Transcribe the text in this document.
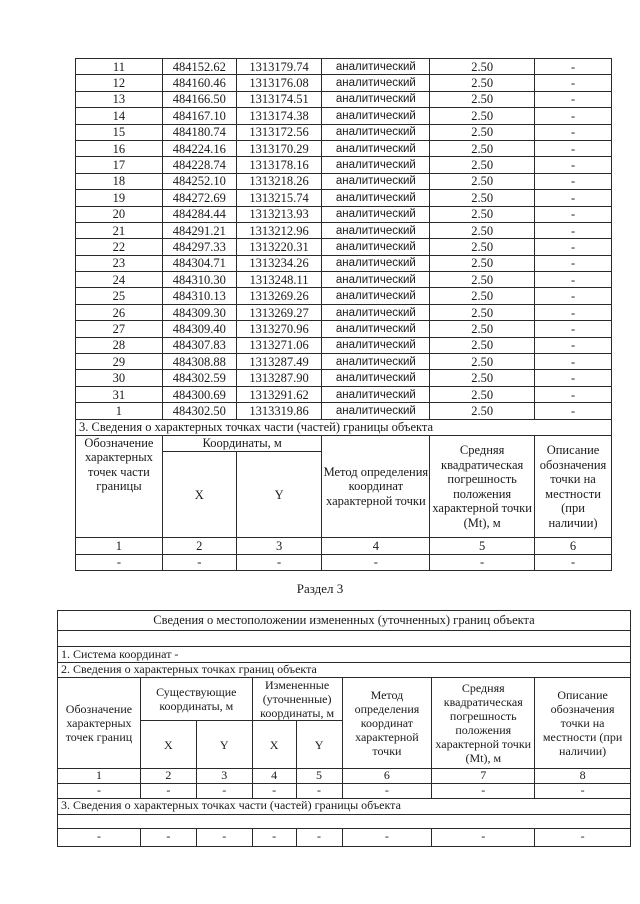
11	484152.62	1313179.74	аналитический	2.50	-
12	484160.46	1313176.08	аналитический	2.50	-
13	484166.50	1313174.51	аналитический	2.50	-
14	484167.10	1313174.38	аналитический	2.50	-
15	484180.74	1313172.56	аналитический	2.50	-
16	484224.16	1313170.29	аналитический	2.50	-
17	484228.74	1313178.16	аналитический	2.50	-
18	484252.10	1313218.26	аналитический	2.50	-
19	484272.69	1313215.74	аналитический	2.50	-
20	484284.44	1313213.93	аналитический	2.50	-
21	484291.21	1313212.96	аналитический	2.50	-
22	484297.33	1313220.31	аналитический	2.50	-
23	484304.71	1313234.26	аналитический	2.50	-
24	484310.30	1313248.11	аналитический	2.50	-
25	484310.13	1313269.26	аналитический	2.50	-
26	484309.30	1313269.27	аналитический	2.50	-
27	484309.40	1313270.96	аналитический	2.50	-
28	484307.83	1313271.06	аналитический	2.50	-
29	484308.88	1313287.49	аналитический	2.50	-
30	484302.59	1313287.90	аналитический	2.50	-
31	484300.69	1313291.62	аналитический	2.50	-
1	484302.50	1313319.86	аналитический	2.50	-
3. Сведения о характерных точках части (частей) границы объекта					
Обозначение характерных точек части границы	Координаты, м		Метод определения координат характерной точки	Средняя квадратическая погрешность положения характерной точки (Mt), м	Описание обозначения точки на местности (при наличии)
	X	Y			
1	2	3	4	5	6
-	-	-	-	-	-
Раздел 3
Сведения о местоположении измененных (уточненных) границ объекта							

1. Система координат -							
2. Сведения о характерных точках границ объекта							
Обозначение характерных точек границ	Существующие координаты, м		Измененные (уточненные) координаты, м		Метод определения координат характерной точки	Средняя квадратическая погрешность положения характерной точки (Mt), м	Описание обозначения точки на местности (при наличии)
	X	Y	X	Y			
1	2	3	4	5	6	7	8
-	-	-	-	-	-	-	-
3. Сведения о характерных точках части (частей) границы объекта							

-	-	-	-	-	-	-	-
